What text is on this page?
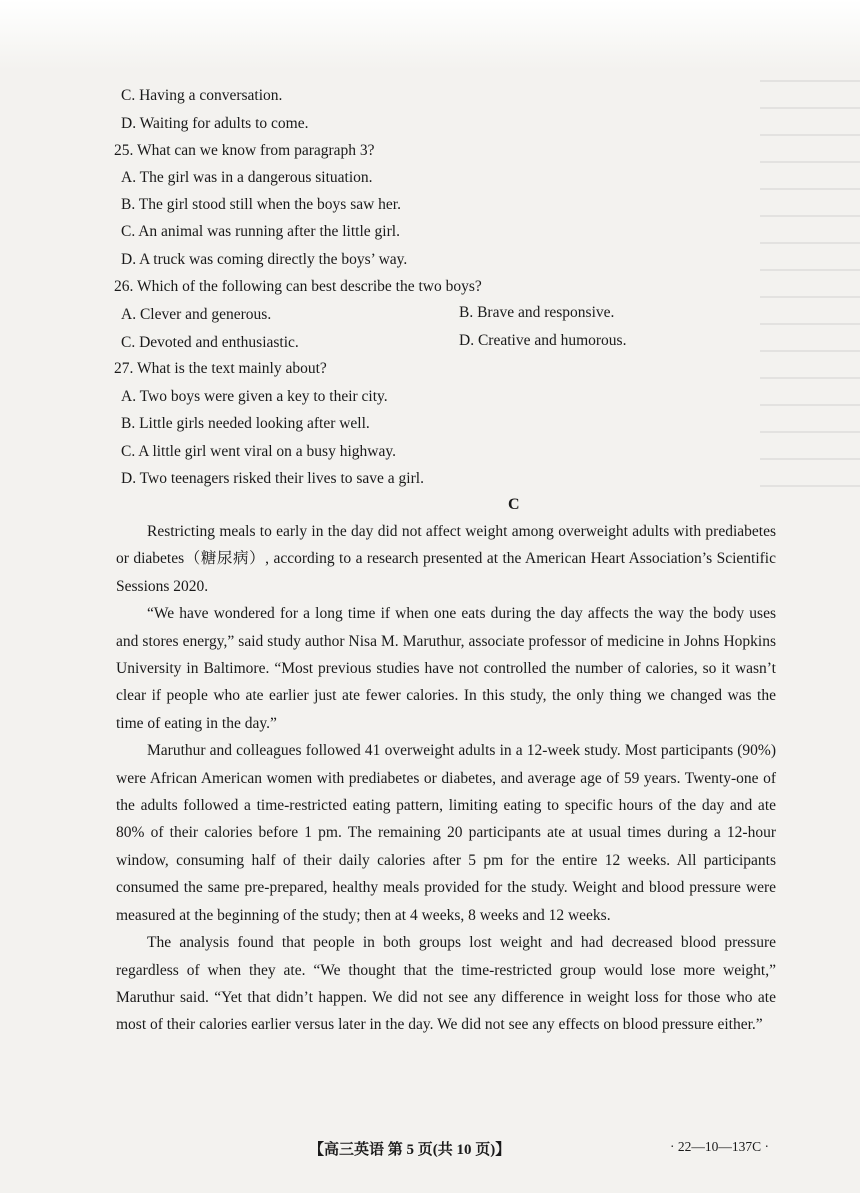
C. Having a conversation.
D. Waiting for adults to come.
25. What can we know from paragraph 3?
A. The girl was in a dangerous situation.
B. The girl stood still when the boys saw her.
C. An animal was running after the little girl.
D. A truck was coming directly the boys’ way.
26. Which of the following can best describe the two boys?
A. Clever and generous.	B. Brave and responsive.
C. Devoted and enthusiastic.	D. Creative and humorous.
27. What is the text mainly about?
A. Two boys were given a key to their city.
B. Little girls needed looking after well.
C. A little girl went viral on a busy highway.
D. Two teenagers risked their lives to save a girl.
C

Restricting meals to early in the day did not affect weight among overweight adults with prediabetes or diabetes（糖尿病）, according to a research presented at the American Heart Association’s Scientific Sessions 2020.

“We have wondered for a long time if when one eats during the day affects the way the body uses and stores energy,” said study author Nisa M. Maruthur, associate professor of medicine in Johns Hopkins University in Baltimore. “Most previous studies have not controlled the number of calories, so it wasn’t clear if people who ate earlier just ate fewer calories. In this study, the only thing we changed was the time of eating in the day.”

Maruthur and colleagues followed 41 overweight adults in a 12-week study. Most participants (90%) were African American women with prediabetes or diabetes, and average age of 59 years. Twenty-one of the adults followed a time-restricted eating pattern, limiting eating to specific hours of the day and ate 80% of their calories before 1 pm. The remaining 20 participants ate at usual times during a 12-hour window, consuming half of their daily calories after 5 pm for the entire 12 weeks. All participants consumed the same pre-prepared, healthy meals provided for the study. Weight and blood pressure were measured at the beginning of the study; then at 4 weeks, 8 weeks and 12 weeks.

The analysis found that people in both groups lost weight and had decreased blood pressure regardless of when they ate. “We thought that the time-restricted group would lose more weight,” Maruthur said. “Yet that didn’t happen. We did not see any difference in weight loss for those who ate most of their calories earlier versus later in the day. We did not see any effects on blood pressure either.”

【高三英语 第 5 页(共 10 页)】	· 22—10—137C ·
